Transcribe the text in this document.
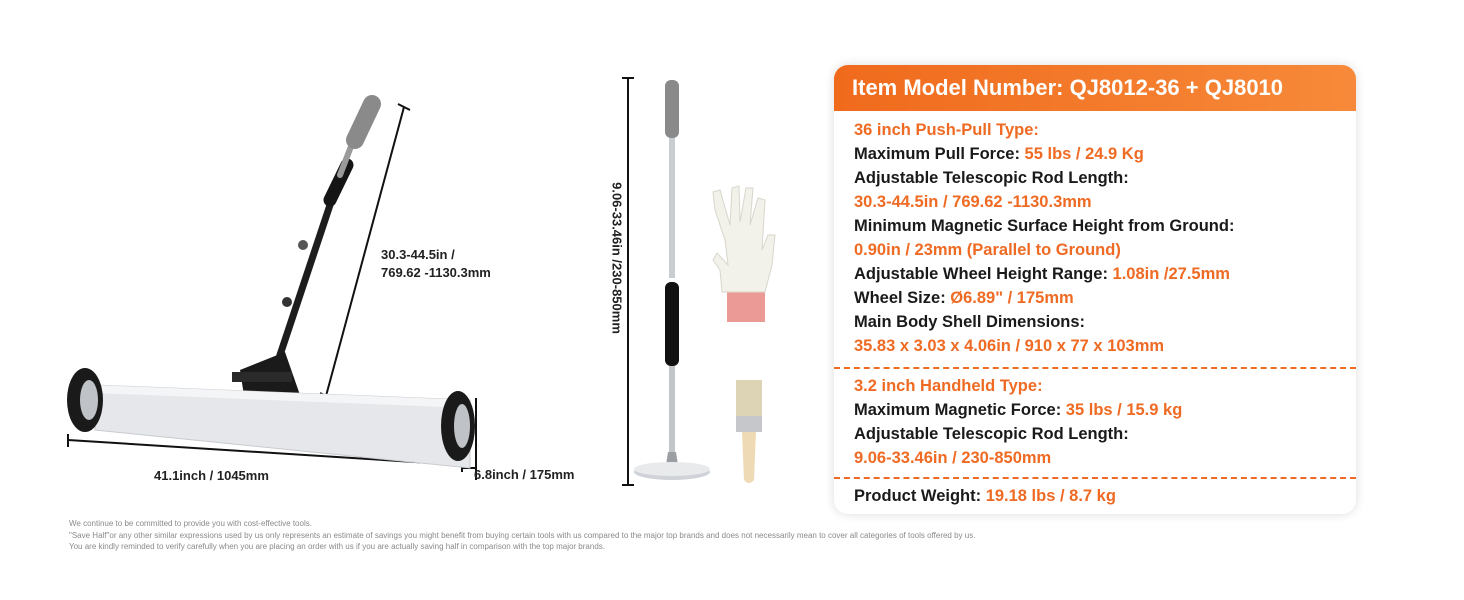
30.3-44.5in /
769.62 -1130.3mm
41.1inch / 1045mm	6.8inch / 175mm
9.06-33.46in /230-850mm
Item Model Number: QJ8012-36 + QJ8010
36 inch Push-Pull Type:
Maximum Pull Force: 55 lbs / 24.9 Kg
Adjustable Telescopic Rod Length:
30.3-44.5in / 769.62 -1130.3mm
Minimum Magnetic Surface Height from Ground:
0.90in / 23mm (Parallel to Ground)
Adjustable Wheel Height Range: 1.08in /27.5mm
Wheel Size: Ø6.89" / 175mm
Main Body Shell Dimensions:
35.83 x 3.03 x 4.06in / 910 x 77 x 103mm
3.2 inch Handheld Type:
Maximum Magnetic Force: 35 lbs / 15.9 kg
Adjustable Telescopic Rod Length:
9.06-33.46in / 230-850mm
Product Weight: 19.18 lbs / 8.7 kg
We continue to be committed to provide you with cost-effective tools.
"Save Half"or any other similar expressions used by us only represents an estimate of savings you might benefit from buying certain tools with us compared to the major top brands and does not necessarily mean to cover all categories of tools offered by us.
You are kindly reminded to verify carefully when you are placing an order with us if you are actually saving half in comparison with the top major brands.
